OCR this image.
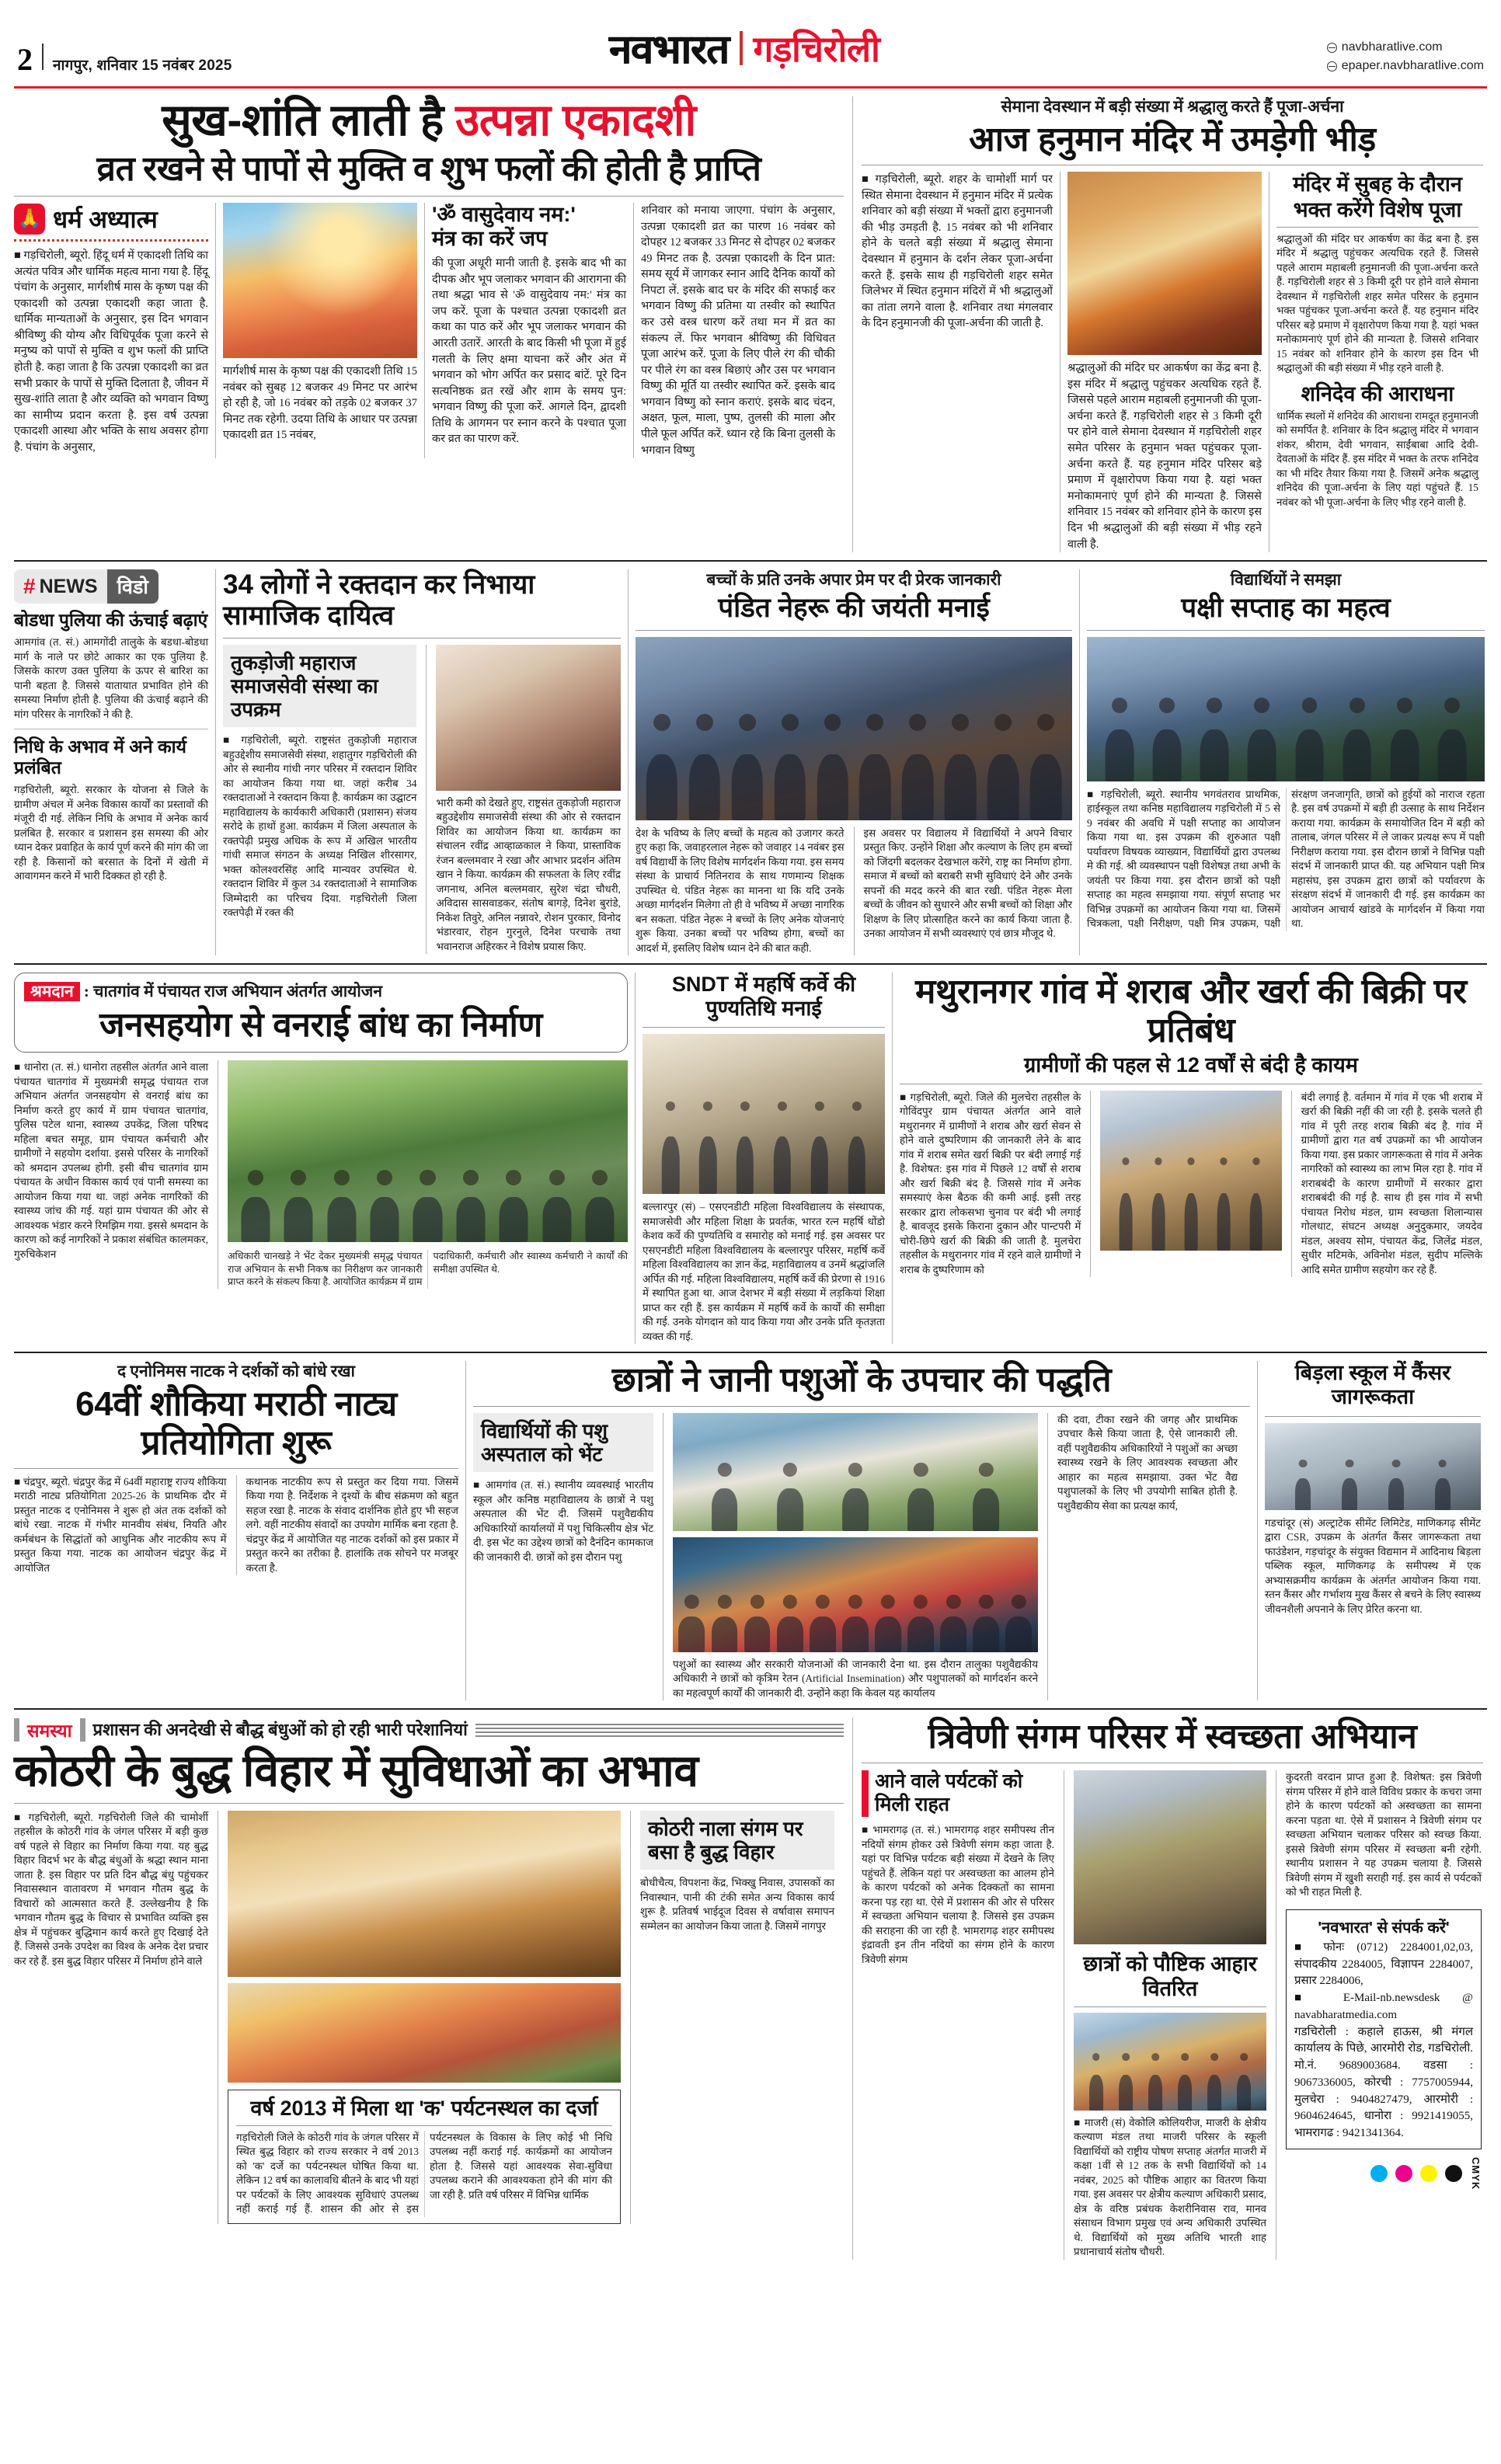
2 नागपुर, शनिवार 15 नवंबर 2025	नवभारत गड़चिरोली	navbharatlive.com
epaper.navbharatlive.com
सुख-शांति लाती है उत्पन्ना एकादशी
व्रत रखने से पापों से मुक्ति व शुभ फलों की होती है प्राप्ति
🙏 धर्म अध्यात्म
■ गड़चिरोली, ब्यूरो. हिंदू धर्म में एकादशी तिथि का अत्यंत पवित्र और धार्मिक महत्व माना गया है. हिंदू पंचांग के अनुसार, मार्गशीर्ष मास के कृष्ण पक्ष की एकादशी को उत्पन्ना एकादशी कहा जाता है. धार्मिक मान्यताओं के अनुसार, इस दिन भगवान श्रीविष्णु की योग्य और विधिपूर्वक पूजा करने से मनुष्य को पापों से मुक्ति व शुभ फलों की प्राप्ति होती है. कहा जाता है कि उत्पन्ना एकादशी का व्रत सभी प्रकार के पापों से मुक्ति दिलाता है, जीवन में सुख-शांति लाता है और व्यक्ति को भगवान विष्णु का सामीप्य प्रदान करता है. इस वर्ष उत्पन्ना एकादशी आस्था और भक्ति के साथ अवसर होगा है. पंचांग के अनुसार,
मार्गशीर्ष मास के कृष्ण पक्ष की एकादशी तिथि 15 नवंबर को सुबह 12 बजकर 49 मिनट पर आरंभ हो रही है, जो 16 नवंबर को तड़के 02 बजकर 37 मिनट तक रहेगी. उदया तिथि के आधार पर उत्पन्ना एकादशी व्रत 15 नवंबर,
'ॐ वासुदेवाय नम:'
मंत्र का करें जप
की पूजा अधूरी मानी जाती है. इसके बाद भी का दीपक और भूप जलाकर भगवान की आरागना की तथा श्रद्धा भाव से 'ॐ वासुदेवाय नम:' मंत्र का जप करें. पूजा के पश्चात उत्पन्ना एकादशी व्रत कथा का पाठ करें और भूप जलाकर भगवान की आरती उतारें. आरती के बाद किसी भी पूजा में हुई गलती के लिए क्षमा याचना करें और अंत में भगवान को भोग अर्पित कर प्रसाद बांटें. पूरे दिन सत्यनिष्ठक व्रत रखें और शाम के समय पुन: भगवान विष्णु की पूजा करें. आगले दिन, द्वादशी तिथि के आगमन पर स्नान करने के पश्चात पूजा कर व्रत का पारण करें.
शनिवार को मनाया जाएगा. पंचांग के अनुसार, उत्पन्ना एकादशी व्रत का पारण 16 नवंबर को दोपहर 12 बजकर 33 मिनट से दोपहर 02 बजकर 49 मिनट तक है. उत्पन्ना एकादशी के दिन प्रात: समय सूर्य में जागकर स्नान आदि दैनिक कार्यों को निपटा लें. इसके बाद घर के मंदिर की सफाई कर भगवान विष्णु की प्रतिमा या तस्वीर को स्थापित कर उसे वस्त्र धारण करें तथा मन में व्रत का संकल्प लें. फिर भगवान श्रीविष्णु की विधिवत पूजा आरंभ करें. पूजा के लिए पीले रंग की चौकी पर पीले रंग का वस्त्र बिछाएं और उस पर भगवान विष्णु की मूर्ति या तस्वीर स्थापित करें. इसके बाद भगवान विष्णु को स्नान कराएं. इसके बाद चंदन, अक्षत, फूल, माला, पुष्प, तुलसी की माला और पीले फूल अर्पित करें. ध्यान रहे कि बिना तुलसी के भगवान विष्णु
सेमाना देवस्थान में बड़ी संख्या में श्रद्धालु करते हैं पूजा-अर्चना
आज हनुमान मंदिर में उमड़ेगी भीड़
■ गड़चिरोली, ब्यूरो. शहर के चामोर्शी मार्ग पर स्थित सेमाना देवस्थान में हनुमान मंदिर में प्रत्येक शनिवार को बड़ी संख्या में भक्तों द्वारा हनुमानजी की भीड़ उमड़ती है. 15 नवंबर को भी शनिवार होने के चलते बड़ी संख्या में श्रद्धालु सेमाना देवस्थान में हनुमान के दर्शन लेकर पूजा-अर्चना करते हैं. इसके साथ ही गड़चिरोली शहर समेत जिलेभर में स्थित हनुमान मंदिरों में भी श्रद्धालुओं का तांता लगने वाला है. शनिवार तथा मंगलवार के दिन हनुमानजी की पूजा-अर्चना की जाती है.
श्रद्धालुओं की मंदिर घर आकर्षण का केंद्र बना है. इस मंदिर में श्रद्धालु पहुंचकर अत्यधिक रहते हैं. जिससे पहले आराम महाबली हनुमानजी की पूजा-अर्चना करते हैं. गड़चिरोली शहर से 3 किमी दूरी पर होने वाले सेमाना देवस्थान में गड़चिरोली शहर समेत परिसर के हनुमान भक्त पहुंचकर पूजा-अर्चना करते हैं. यह हनुमान मंदिर परिसर बड़े प्रमाण में वृक्षारोपण किया गया है. यहां भक्त मनोकामनाएं पूर्ण होने की मान्यता है. जिससे शनिवार 15 नवंबर को शनिवार होने के कारण इस दिन भी श्रद्धालुओं की बड़ी संख्या में भीड़ रहने वाली है.
मंदिर में सुबह के दौरान भक्त करेंगे विशेष पूजा
श्रद्धालुओं की मंदिर घर आकर्षण का केंद्र बना है. इस मंदिर में श्रद्धालु पहुंचकर अत्यधिक रहते हैं. जिससे पहले आराम महाबली हनुमानजी की पूजा-अर्चना करते हैं. गड़चिरोली शहर से 3 किमी दूरी पर होने वाले सेमाना देवस्थान में गड़चिरोली शहर समेत परिसर के हनुमान भक्त पहुंचकर पूजा-अर्चना करते हैं. यह हनुमान मंदिर परिसर बड़े प्रमाण में वृक्षारोपण किया गया है. यहां भक्त मनोकामनाएं पूर्ण होने की मान्यता है. जिससे शनिवार 15 नवंबर को शनिवार होने के कारण इस दिन भी श्रद्धालुओं की बड़ी संख्या में भीड़ रहने वाली है.
शनिदेव की आराधना
धार्मिक स्थलों में शनिदेव की आराधना रामदूत हनुमानजी को समर्पित है. शनिवार के दिन श्रद्धालु मंदिर में भगवान शंकर, श्रीराम, देवी भगवान, साईंबाबा आदि देवी-देवताओं के मंदिर हैं. इस मंदिर में भक्त के तरफ शनिदेव का भी मंदिर तैयार किया गया है. जिसमें अनेक श्रद्धालु शनिदेव की पूजा-अर्चना के लिए यहां पहुंचते हैं. 15 नवंबर को भी पूजा-अर्चना के लिए भीड़ रहने वाली है.
# NEWS	विडो
बोडधा पुलिया की ऊंचाई बढ़ाएं
आमगांव (त. सं.) आमगोंदी तालुके के बडधा-बोडधा मार्ग के नाले पर छोटे आकार का एक पुलिया है. जिसके कारण उक्त पुलिया के ऊपर से बारिश का पानी बहता है. जिससे यातायात प्रभावित होने की समस्या निर्माण होती है. पुलिया की ऊंचाई बढ़ाने की मांग परिसर के नागरिकों ने की है.
निधि के अभाव में अने कार्य प्रलंबित
गड़चिरोली, ब्यूरो. सरकार के योजना से जिले के ग्रामीण अंचल में अनेक विकास कार्यों का प्रस्तावों की मंजूरी दी गई. लेकिन निधि के अभाव में अनेक कार्य प्रलंबित है. सरकार व प्रशासन इस समस्या की ओर ध्यान देकर प्रवाहित के कार्य पूर्ण करने की मांग की जा रही है. किसानों को बरसात के दिनों में खेती में आवागमन करने में भारी दिक्कत हो रही है.
34 लोगों ने रक्तदान कर निभाया सामाजिक दायित्व
तुकड़ोजी महाराज समाजसेवी संस्था का उपक्रम
■ गड़चिरोली, ब्यूरो. राष्ट्रसंत तुकड़ोजी महाराज बहुउद्देशीय समाजसेवी संस्था, शहातुगर गड़चिरोली की ओर से स्थानीय गांधी नगर परिसर में रक्तदान शिविर का आयोजन किया गया था. जहां करीब 34 रक्तदाताओं ने रक्तदान किया है. कार्यक्रम का उद्घाटन महाविद्यालय के कार्यकारी अधिकारी (प्रशासन) संजय सरोदे के हाथों हुआ. कार्यक्रम में जिला अस्पताल के रक्तपेढ़ी प्रमुख अधिक के रूप में अखिल भारतीय गांधी समाज संगठन के अध्यक्ष निखिल शीरसागर, भक्त कोलश्वरसिंह आदि मान्यवर उपस्थित थे. रक्तदान शिविर में कुल 34 रक्तदाताओं ने सामाजिक जिम्मेदारी का परिचय दिया. गड़चिरोली जिला रक्तपेढ़ी में रक्त की
भारी कमी को देखते हुए, राष्ट्रसंत तुकड़ोजी महाराज बहुउद्देशीय समाजसेवी संस्था की ओर से रक्तदान शिविर का आयोजन किया था. कार्यक्रम का संचालन रवींद्र आव्हाळकाल ने किया, प्रास्ताविक रंजन बल्लमवार ने रखा और आभार प्रदर्शन अंतिम खान ने किया. कार्यक्रम की सफलता के लिए रवींद्र जगनाथ, अनिल बल्लमवार, सुरेश चंद्रा चौधरी, अविदास सासवाडकर, संतोष बागड़े, दिनेश बुरांडे, निकेश तिवुरे, अनिल नन्नावरे, रोशन पुरकार, विनोद भंडारवार, रोहन गुरनुले, दिनेश परचाके तथा भवानराज अहिरकर ने विशेष प्रयास किए.
बच्चों के प्रति उनके अपार प्रेम पर दी प्रेरक जानकारी
पंडित नेहरू की जयंती मनाई
देश के भविष्य के लिए बच्चों के महत्व को उजागर करते हुए कहा कि, जवाहरलाल नेहरू को जवाहर 14 नवंबर इस वर्ष विद्यार्थी के लिए विशेष मार्गदर्शन किया गया. इस समय संस्था के प्राचार्य नितिनराव के साथ गणमान्य शिक्षक उपस्थित थे. पंडित नेहरू का मानना था कि यदि उनके अच्छा मार्गदर्शन मिलेगा तो ही वे भविष्य में अच्छा नागरिक बन सकता. पंडित नेहरू ने बच्चों के लिए अनेक योजनाएं शुरू किया. उनका बच्चों पर भविष्य होगा, बच्चों का आदर्श में, इसलिए विशेष ध्यान देने की बात कही.
इस अवसर पर विद्यालय में विद्यार्थियों ने अपने विचार प्रस्तुत किए. उन्होंने शिक्षा और कल्याण के लिए हम बच्चों को जिंदगी बदलकर देखभाल करेंगे, राष्ट्र का निर्माण होगा. समाज में बच्चों को बराबरी सभी सुविधाएं देने और उनके सपनों की मदद करने की बात रखी. पंडित नेहरू मेला बच्चों के जीवन को सुधारने और सभी बच्चों को शिक्षा और शिक्षण के लिए प्रोत्साहित करने का कार्य किया जाता है. उनका आयोजन में सभी व्यवस्थाएं एवं छात्र मौजूद थे.
विद्यार्थियों ने समझा
पक्षी सप्ताह का महत्व
■ गड़चिरोली, ब्यूरो. स्थानीय भगवंतराव प्राथमिक, हाईस्कूल तथा कनिष्ठ महाविद्यालय गड़चिरोली में 5 से 9 नवंबर की अवधि में पक्षी सप्ताह का आयोजन किया गया था. इस उपक्रम की शुरुआत पक्षी पर्यावरण विषयक व्याख्यान, विद्यार्थियों द्वारा उपलब्ध मे की गई. श्री व्यवस्थापन पक्षी विशेषज्ञ तथा अभी के जयंती पर किया गया. इस दौरान छात्रों को पक्षी सप्ताह का महत्व समझाया गया. संपूर्ण सप्ताह भर विभिन्न उपक्रमों का आयोजन किया गया था. जिसमें चित्रकला, पक्षी निरीक्षण, पक्षी मित्र उपक्रम, पक्षी संरक्षण जनजागृति, छात्रों को हुईयों को नाराज रहता है. इस वर्ष उपक्रमों में बड़ी ही उत्साह के साथ निर्देशन कराया गया. कार्यक्रम के समायोजित दिन में बड़ी को तालाब, जंगल परिसर में ले जाकर प्रत्यक्ष रूप में पक्षी निरीक्षण कराया गया. इस दौरान छात्रों ने विभिन्न पक्षी संदर्भ में जानकारी प्राप्त की. यह अभियान पक्षी मित्र महासंघ, इस उपक्रम द्वारा छात्रों को पर्यावरण के संरक्षण संदर्भ में जानकारी दी गई. इस कार्यक्रम का आयोजन आचार्य खांडवे के मार्गदर्शन में किया गया था.
श्रमदान : चातगांव में पंचायत राज अभियान अंतर्गत आयोजन
जनसहयोग से वनराई बांध का निर्माण
■ धानोरा (त. सं.) धानोरा तहसील अंतर्गत आने वाला पंचायत चातगांव में मुख्यमंत्री समृद्ध पंचायत राज अभियान अंतर्गत जनसहयोग से वनराई बांध का निर्माण करते हुए कार्य में ग्राम पंचायत चातगांव, पुलिस पटेल थाना, स्वास्थ्य उपकेंद्र, जिला परिषद महिला बचत समूह, ग्राम पंचायत कर्मचारी और ग्रामीणों ने सहयोग दर्शाया. इससे परिसर के नागरिकों को श्रमदान उपलब्ध होगी. इसी बीच चातगांव ग्राम पंचायत के अधीन विकास कार्य एवं पानी समस्या का आयोजन किया गया था. जहां अनेक नागरिकों की स्वास्थ्य जांच की गई. यहां ग्राम पंचायत की ओर से आवश्यक भंडार करने रिमझिम गया. इससे श्रमदान के कारण को कई नागरिकों ने प्रकाश संबंधित कालमकर, गुरुचिकेशन	अधिकारी चानखड़े ने भेंट देकर मुख्यमंत्री समृद्ध पंचायत राज अभियान के सभी निकष का निरीक्षण कर जानकारी प्राप्त करने के संकल्प किया है. आयोजित कार्यक्रम में ग्राम पदाधिकारी, कर्मचारी और स्वास्थ्य कर्मचारी ने कार्यों की समीक्षा उपस्थित थे.
SNDT में महर्षि कर्वे की पुण्यतिथि मनाई
बल्लारपुर (सं) – एसएनडीटी महिला विश्वविद्यालय के संस्थापक, समाजसेवी और महिला शिक्षा के प्रवर्तक, भारत रत्न महर्षि धोंडो केशव कर्वे की पुण्यतिथि व समारोह को मनाई गई. इस अवसर पर एसएनडीटी महिला विश्वविद्यालय के बल्लारपुर परिसर, महर्षि कर्वे महिला विश्वविद्यालय का ज्ञान केंद्र, महाविद्यालय व उनमें श्रद्धांजलि अर्पित की गई. महिला विश्वविद्यालय, महर्षि कर्वे की प्रेरणा से 1916 में स्थापित हुआ था. आज देशभर में बड़ी संख्या में लड़कियां शिक्षा प्राप्त कर रही हैं. इस कार्यक्रम में महर्षि कर्वे के कार्यों की समीक्षा की गई. उनके योगदान को याद किया गया और उनके प्रति कृतज्ञता व्यक्त की गई.
मथुरानगर गांव में शराब और खर्रा की बिक्री पर प्रतिबंध
ग्रामीणों की पहल से 12 वर्षों से बंदी है कायम
■ गड़चिरोली, ब्यूरो. जिले की मुलचेरा तहसील के गोविंदपुर ग्राम पंचायत अंतर्गत आने वाले मथुरानगर में ग्रामीणों ने शराब और खर्रा सेवन से होने वाले दुष्परिणाम की जानकारी लेने के बाद गांव में शराब समेत खर्रा बिक्री पर बंदी लगाई गई है. विशेषत: इस गांव में पिछले 12 वर्षों से शराब और खर्रा बिक्री बंद है. जिससे गांव में अनेक समस्याएं केस बैठक की कमी आई. इसी तरह सरकार द्वारा लोकसभा चुनाव पर बंदी भी लगाई है. बावजूद इसके किराना दुकान और पान्टपरी में चोरी-छिपे खर्रा की बिक्री की जाती है. मुलचेरा तहसील के मथुरानगर गांव में रहने वाले ग्रामीणों ने शराब के दुष्परिणाम को
बंदी लगाई है. वर्तमान में गांव में एक भी शराब में खर्रा की बिक्री नहीं की जा रही है. इसके चलते ही गांव में पूरी तरह शराब बिक्री बंद है. गांव में ग्रामीणों द्वारा गत वर्ष उपक्रमों का भी आयोजन किया गया. इस प्रकार जागरूकता से गांव में अनेक नागरिकों को स्वास्थ्य का लाभ मिल रहा है. गांव में शराबबंदी के कारण ग्रामीणों में सरकार द्वारा शराबबंदी की गई है. साथ ही इस गांव में सभी पंचायत निरोध मंडल, ग्राम स्वच्छता शिलान्यास गोलधाट, संघटन अध्यक्ष अनुदुकमार, जयदेव मंडल, अश्वय सोम, पंचायत केंद्र, जिलेंद्र मंडल, सुधीर मटिमके, अविनोश मंडल, सुदीप मल्लिके आदि समेत ग्रामीण सहयोग कर रहे हैं.
द एनोनिमस नाटक ने दर्शकों को बांधे रखा
64वीं शौकिया मराठी नाट्य प्रतियोगिता शुरू
■ चंद्रपुर, ब्यूरो. चंद्रपुर केंद्र में 64वीं महाराष्ट्र राज्य शौकिया मराठी नाट्य प्रतियोगिता 2025-26 के प्राथमिक दौर में प्रस्तुत नाटक द एनोनिमस ने शुरू हो अंत तक दर्शकों को बांधे रखा. नाटक में गंभीर मानवीय संबंध, नियति और कर्मबंधन के सिद्धांतों को आधुनिक और नाटकीय रूप में प्रस्तुत किया गया. नाटक का आयोजन चंद्रपुर केंद्र में आयोजित
कथानक नाटकीय रूप से प्रस्तुत कर दिया गया. जिसमें किया गया है. निर्देशक ने दृश्यों के बीच संक्रमण को बहुत सहज रखा है. नाटक के संवाद दार्शनिक होते हुए भी सहज लगे. वहीं नाटकीय संवादों का उपयोग मार्मिक बना रहता है. चंद्रपुर केंद्र में आयोजित यह नाटक दर्शकों को इस प्रकार में प्रस्तुत करने का तरीका है. हालांकि तक सोचने पर मजबूर करता है.
छात्रों ने जानी पशुओं के उपचार की पद्धति
विद्यार्थियों की पशु अस्पताल को भेंट
■ आमगांव (त. सं.) स्थानीय व्यवस्थाई भारतीय स्कूल और कनिष्ठ महाविद्यालय के छात्रों ने पशु अस्पताल की भेंट दी. जिसमें पशुवैद्यकीय अधिकारियों कार्यालयों में पशु चिकित्सीय क्षेत्र भेंट दी. इस भेंट का उद्देश्य छात्रों को दैनंदिन कामकाज की जानकारी दी. छात्रों को इस दौरान पशु
पशुओं का स्वास्थ्य और सरकारी योजनाओं की जानकारी देना था. इस दौरान तालुका पशुवैद्यकीय अधिकारी ने छात्रों को कृत्रिम रेतन (Artificial Insemination) और पशुपालकों को मार्गदर्शन करने का महत्वपूर्ण कार्यों की जानकारी दी. उन्होंने कहा कि केवल यह कार्यालय
की दवा, टीका रखने की जगह और प्राथमिक उपचार कैसे किया जाता है, ऐसे जानकारी ली. वहीं पशुवैद्यकीय अधिकारियों ने पशुओं का अच्छा स्वास्थ्य रखने के लिए आवश्यक स्वच्छता और आहार का महत्व समझाया. उक्त भेंट वैद्य पशुपालकों के लिए भी उपयोगी साबित होती है. पशुवैद्यकीय सेवा का प्रत्यक्ष कार्य,
बिड़ला स्कूल में कैंसर जागरूकता
गडचांदूर (सं) अल्ट्राटेक सीमेंट लिमिटेड, माणिकगढ़ सीमेंट द्वारा CSR, उपक्रम के अंतर्गत कैंसर जागरूकता तथा फाउंडेशन, गड़चांदूर के संयुक्त विद्यमान में आदिनाथ बिड़ला पब्लिक स्कूल, माणिकगढ़ के समीपस्थ में एक अभ्यासक्रमीय कार्यक्रम के अंतर्गत आयोजन किया गया. स्तन कैंसर और गर्भाशय मुख कैंसर से बचने के लिए स्वास्थ्य जीवनशैली अपनाने के लिए प्रेरित करना था.
समस्या	प्रशासन की अनदेखी से बौद्ध बंधुओं को हो रही भारी परेशानियां
कोठरी के बुद्ध विहार में सुविधाओं का अभाव
■ गड़चिरोली, ब्यूरो. गड़चिरोली जिले की चामोर्शी तहसील के कोठरी गांव के जंगल परिसर में बड़ी कुछ वर्ष पहले से विहार का निर्माण किया गया. यह बुद्ध विहार विदर्भ भर के बौद्ध बंधुओं के श्रद्धा स्थान माना जाता है. इस विहार पर प्रति दिन बौद्ध बंधु पहुंचकर निवासस्थान वातावरण में भगवान गौतम बुद्ध के विचारों को आत्मसात करते हैं. उल्लेखनीय है कि भगवान गौतम बुद्ध के विचार से प्रभावित व्यक्ति इस क्षेत्र में पहुंचकर बुद्धिमान कार्य करते हुए दिखाई देते हैं. जिससे उनके उपदेश का विश्व के अनेक देश प्रचार कर रहे हैं. इस बुद्ध विहार परिसर में निर्माण होने वाले
वर्ष 2013 में मिला था 'क' पर्यटनस्थल का दर्जा
गड़चिरोली जिले के कोठरी गांव के जंगल परिसर में स्थित बुद्ध विहार को राज्य सरकार ने वर्ष 2013 को 'क' दर्जे का पर्यटनस्थल घोषित किया था. लेकिन 12 वर्ष का कालावधि बीतने के बाद भी यहां पर पर्यटकों के लिए आवश्यक सुविधाएं उपलब्ध नहीं कराई गई हैं. शासन की ओर से इस पर्यटनस्थल के विकास के लिए कोई भी निधि उपलब्ध नहीं कराई गई. कार्यक्रमों का आयोजन होता है. जिससे यहां आवश्यक सेवा-सुविधा उपलब्ध कराने की आवश्यकता होने की मांग की जा रही है. प्रति वर्ष परिसर में विभिन्न धार्मिक
कोठरी नाला संगम पर बसा है बुद्ध विहार
बोधीचैत्य, विपशना केंद्र, भिक्खु निवास, उपासकों का निवास्थान, पानी की टंकी समेत अन्य विकास कार्य शुरू है. प्रतिवर्ष भाईदूज दिवस से वर्षावास समापन सम्मेलन का आयोजन किया जाता है. जिसमें नागपुर
त्रिवेणी संगम परिसर में स्वच्छता अभियान
आने वाले पर्यटकों को मिली राहत
■ भामरागढ़ (त. सं.) भामरागढ़ शहर समीपस्थ तीन नदियों संगम होकर उसे त्रिवेणी संगम कहा जाता है. यहां पर विभिन्न पर्यटक बड़ी संख्या में देखने के लिए पहुंचते हैं. लेकिन यहां पर अस्वच्छता का आलम होने के कारण पर्यटकों को अनेक दिक्कतों का सामना करना पड़ रहा था. ऐसे में प्रशासन की ओर से परिसर में स्वच्छता अभियान चलाया है. जिससे इस उपक्रम की सराहना की जा रही है. भामरागढ़ शहर समीपस्थ इंद्रावती इन तीन नदियों का संगम होने के कारण त्रिवेणी संगम	छात्रों को पौष्टिक आहार वितरित
■ माजरी (सं) वेकोलि कोलियरीज, माजरी के क्षेत्रीय कल्याण मंडल तथा माजरी परिसर के स्कूली विद्यार्थियों को राष्ट्रीय पोषण सप्ताह अंतर्गत माजरी में कक्षा 1वीं से 12 तक के सभी विद्यार्थियों को 14 नवंबर, 2025 को पौष्टिक आहार का वितरण किया गया. इस अवसर पर क्षेत्रीय कल्याण अधिकारी प्रसाद, क्षेत्र के वरिष्ठ प्रबंधक केशरीनिवास राव, मानव संसाधन विभाग प्रमुख एवं अन्य अधिकारी उपस्थित थे. विद्यार्थियों को मुख्य अतिथि भारती शाह प्रधानाचार्य संतोष चौधरी.
कुदरती वरदान प्राप्त हुआ है. विशेषत: इस त्रिवेणी संगम परिसर में होने वाले विविध प्रकार के कचरा जमा होने के कारण पर्यटकों को अस्वच्छता का सामना करना पड़ता था. ऐसे में प्रशासन ने त्रिवेणी संगम पर स्वच्छता अभियान चलाकर परिसर को स्वच्छ किया. इससे त्रिवेणी संगम परिसर में स्वच्छता बनी रहेगी. स्थानीय प्रशासन ने यह उपक्रम चलाया है. जिससे त्रिवेणी संगम में खुशी सराही गई. इस कार्य से पर्यटकों को भी राहत मिली है.
'नवभारत' से संपर्क करें'
■ फोनः (0712) 2284001,02,03, संपादकीय 2284005, विज्ञापन 2284007, प्रसार 2284006,
■ E-Mail-nb.newsdesk @ navabharatmedia.com
गडचिरोली : कहाले हाऊस, श्री मंगल कार्यालय के पिछे, आरमोरी रोड, गडचिरोली. मो.नं. 9689003684. वडसा : 9067336005, कोरची : 7757005944, मुलचेरा : 9404827479, आरमोरी : 9604624645, धानोरा : 9921419055, भामरागढ : 9421341364.
CMYK
